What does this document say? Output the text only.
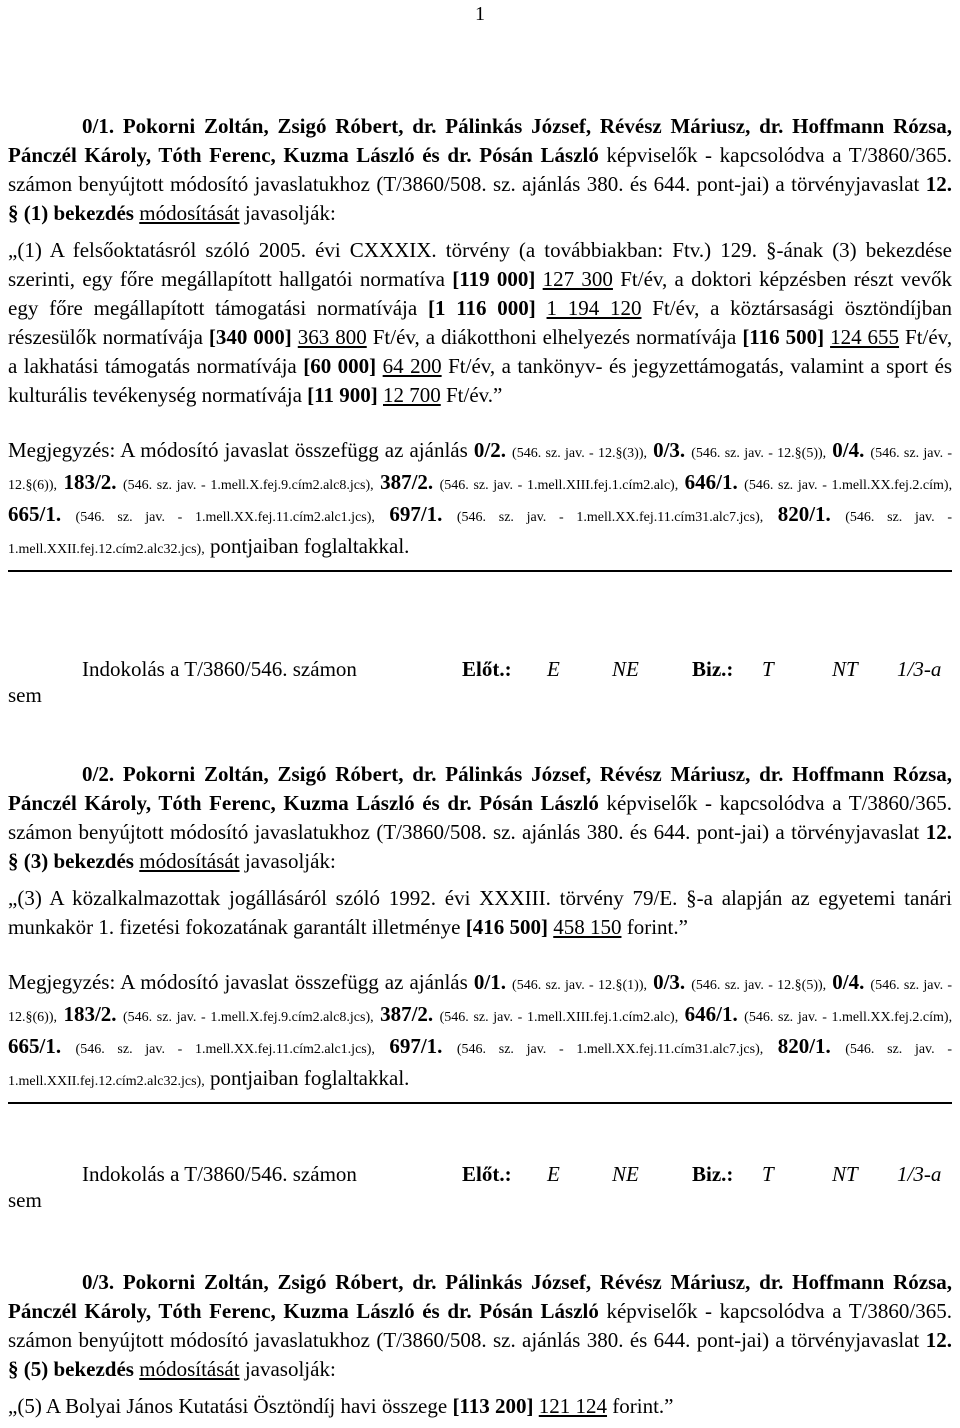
1

0/1. Pokorni Zoltán, Zsigó Róbert, dr. Pálinkás József, Révész Máriusz, dr. Hoffmann Rózsa, Pánczél Károly, Tóth Ferenc, Kuzma László és dr. Pósán László képviselők - kapcsolódva a T/3860/365. számon benyújtott módosító javaslatukhoz (T/3860/508. sz. ajánlás 380. és 644. pont-jai) a törvényjavaslat 12. § (1) bekezdés módosítását javasolják:

„(1) A felsőoktatásról szóló 2005. évi CXXXIX. törvény (a továbbiakban: Ftv.) 129. §-ának (3) bekezdése szerinti, egy főre megállapított hallgatói normatíva [119 000] 127 300 Ft/év, a doktori képzésben részt vevők egy főre megállapított támogatási normatívája [1 116 000] 1 194 120 Ft/év, a köztársasági ösztöndíjban részesülők normatívája [340 000] 363 800 Ft/év, a diákotthoni elhelyezés normatívája [116 500] 124 655 Ft/év, a lakhatási támogatás normatívája [60 000] 64 200 Ft/év, a tankönyv- és jegyzettámogatás, valamint a sport és kulturális tevékenység normatívája [11 900] 12 700 Ft/év.”

Megjegyzés: A módosító javaslat összefügg az ajánlás 0/2. (546. sz. jav. - 12.§(3)), 0/3. (546. sz. jav. - 12.§(5)), 0/4. (546. sz. jav. - 12.§(6)), 183/2. (546. sz. jav. - 1.mell.X.fej.9.cím2.alc8.jcs), 387/2. (546. sz. jav. - 1.mell.XIII.fej.1.cím2.alc), 646/1. (546. sz. jav. - 1.mell.XX.fej.2.cím), 665/1. (546. sz. jav. - 1.mell.XX.fej.11.cím2.alc1.jcs), 697/1. (546. sz. jav. - 1.mell.XX.fej.11.cím31.alc7.jcs), 820/1. (546. sz. jav. - 1.mell.XXII.fej.12.cím2.alc32.jcs), pontjaiban foglaltakkal.

sem
Indokolás a T/3860/546. számon	Előt.: E NE	Biz.: T	NT 1/3-a

0/2. Pokorni Zoltán, Zsigó Róbert, dr. Pálinkás József, Révész Máriusz, dr. Hoffmann Rózsa, Pánczél Károly, Tóth Ferenc, Kuzma László és dr. Pósán László képviselők - kapcsolódva a T/3860/365. számon benyújtott módosító javaslatukhoz (T/3860/508. sz. ajánlás 380. és 644. pont-jai) a törvényjavaslat 12. § (3) bekezdés módosítását javasolják:

„(3) A közalkalmazottak jogállásáról szóló 1992. évi XXXIII. törvény 79/E. §-a alapján az egyetemi tanári munkakör 1. fizetési fokozatának garantált illetménye [416 500] 458 150 forint.”

Megjegyzés: A módosító javaslat összefügg az ajánlás 0/1. (546. sz. jav. - 12.§(1)), 0/3. (546. sz. jav. - 12.§(5)), 0/4. (546. sz. jav. - 12.§(6)), 183/2. (546. sz. jav. - 1.mell.X.fej.9.cím2.alc8.jcs), 387/2. (546. sz. jav. - 1.mell.XIII.fej.1.cím2.alc), 646/1. (546. sz. jav. - 1.mell.XX.fej.2.cím), 665/1. (546. sz. jav. - 1.mell.XX.fej.11.cím2.alc1.jcs), 697/1. (546. sz. jav. - 1.mell.XX.fej.11.cím31.alc7.jcs), 820/1. (546. sz. jav. - 1.mell.XXII.fej.12.cím2.alc32.jcs), pontjaiban foglaltakkal.

sem
Indokolás a T/3860/546. számon	Előt.: E NE	Biz.: T	NT 1/3-a

0/3. Pokorni Zoltán, Zsigó Róbert, dr. Pálinkás József, Révész Máriusz, dr. Hoffmann Rózsa, Pánczél Károly, Tóth Ferenc, Kuzma László és dr. Pósán László képviselők - kapcsolódva a T/3860/365. számon benyújtott módosító javaslatukhoz (T/3860/508. sz. ajánlás 380. és 644. pont-jai) a törvényjavaslat 12. § (5) bekezdés módosítását javasolják:

„(5) A Bolyai János Kutatási Ösztöndíj havi összege [113 200] 121 124 forint.”
